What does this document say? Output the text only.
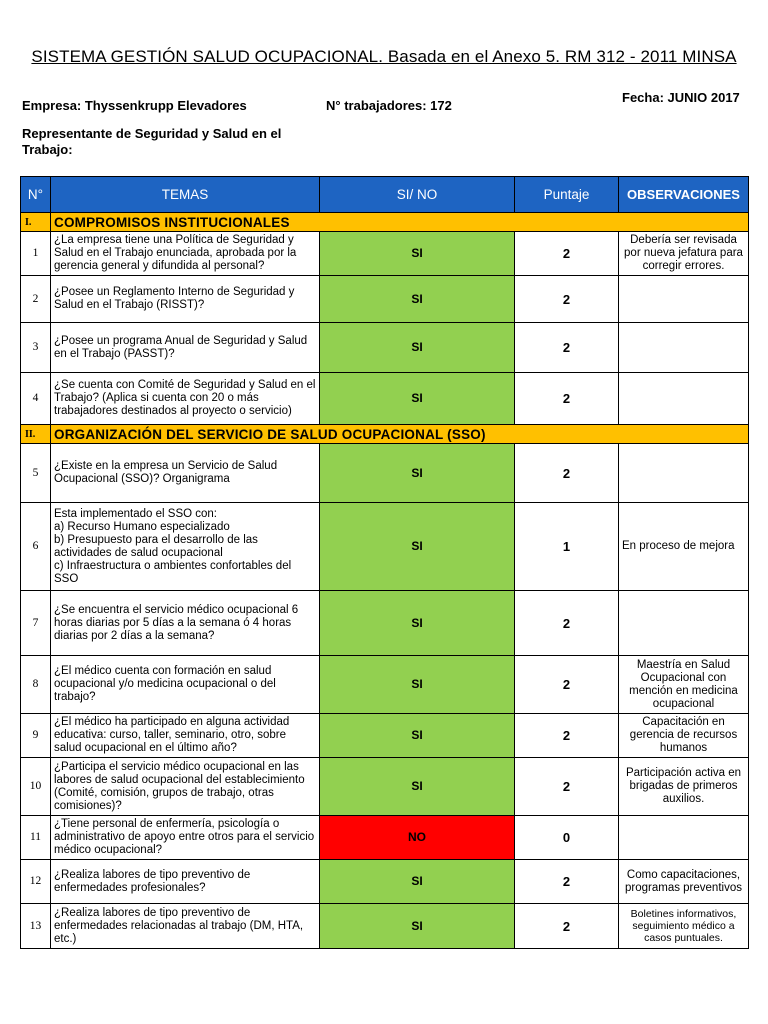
SISTEMA GESTIÓN SALUD OCUPACIONAL. Basada en el Anexo 5. RM 312 - 2011 MINSA
Empresa: Thyssenkrupp Elevadores	N° trabajadores: 172
Fecha: JUNIO 2017
Representante de Seguridad y Salud en el Trabajo:
N°	TEMAS	SI/ NO	Puntaje	OBSERVACIONES
I.	COMPROMISOS INSTITUCIONALES			
1	¿La empresa tiene una Política de Seguridad y Salud en el Trabajo enunciada, aprobada por la gerencia general y difundida al personal?	SI	2	Debería ser revisada por nueva jefatura para corregir errores.
2	¿Posee un Reglamento Interno de Seguridad y Salud en el Trabajo (RISST)?	SI	2	
3	¿Posee un programa Anual de Seguridad y Salud en el Trabajo (PASST)?	SI	2	
4	¿Se cuenta con Comité de Seguridad y Salud en el Trabajo? (Aplica si cuenta con 20 o más trabajadores destinados al proyecto o servicio)	SI	2	
II.	ORGANIZACIÓN DEL SERVICIO DE SALUD OCUPACIONAL (SSO)			
5	¿Existe en la empresa un Servicio de Salud Ocupacional (SSO)? Organigrama	SI	2	
6	Esta implementado el SSO con:
a) Recurso Humano especializado
b) Presupuesto para el desarrollo de las actividades de salud ocupacional
c) Infraestructura o ambientes confortables del SSO	SI	1	En proceso de mejora
7	¿Se encuentra el servicio médico ocupacional 6 horas diarias por 5 días a la semana ó 4 horas diarias por 2 días a la semana?	SI	2	
8	¿El médico cuenta con formación en salud ocupacional y/o medicina ocupacional o del trabajo?	SI	2	Maestría en Salud Ocupacional con mención en medicina ocupacional
9	¿El médico ha participado en alguna actividad educativa: curso, taller, seminario, otro, sobre salud ocupacional en el último año?	SI	2	Capacitación en gerencia de recursos humanos
10	¿Participa el servicio médico ocupacional en las labores de salud ocupacional del establecimiento (Comité, comisión, grupos de trabajo, otras comisiones)?	SI	2	Participación activa en brigadas de primeros auxilios.
11	¿Tiene personal de enfermería, psicología o administrativo de apoyo entre otros para el servicio médico ocupacional?	NO	0	
12	¿Realiza labores de tipo preventivo de enfermedades profesionales?	SI	2	Como capacitaciones, programas preventivos
13	¿Realiza labores de tipo preventivo de enfermedades relacionadas al trabajo (DM, HTA, etc.)	SI	2	Boletines informativos, seguimiento médico a casos puntuales.
